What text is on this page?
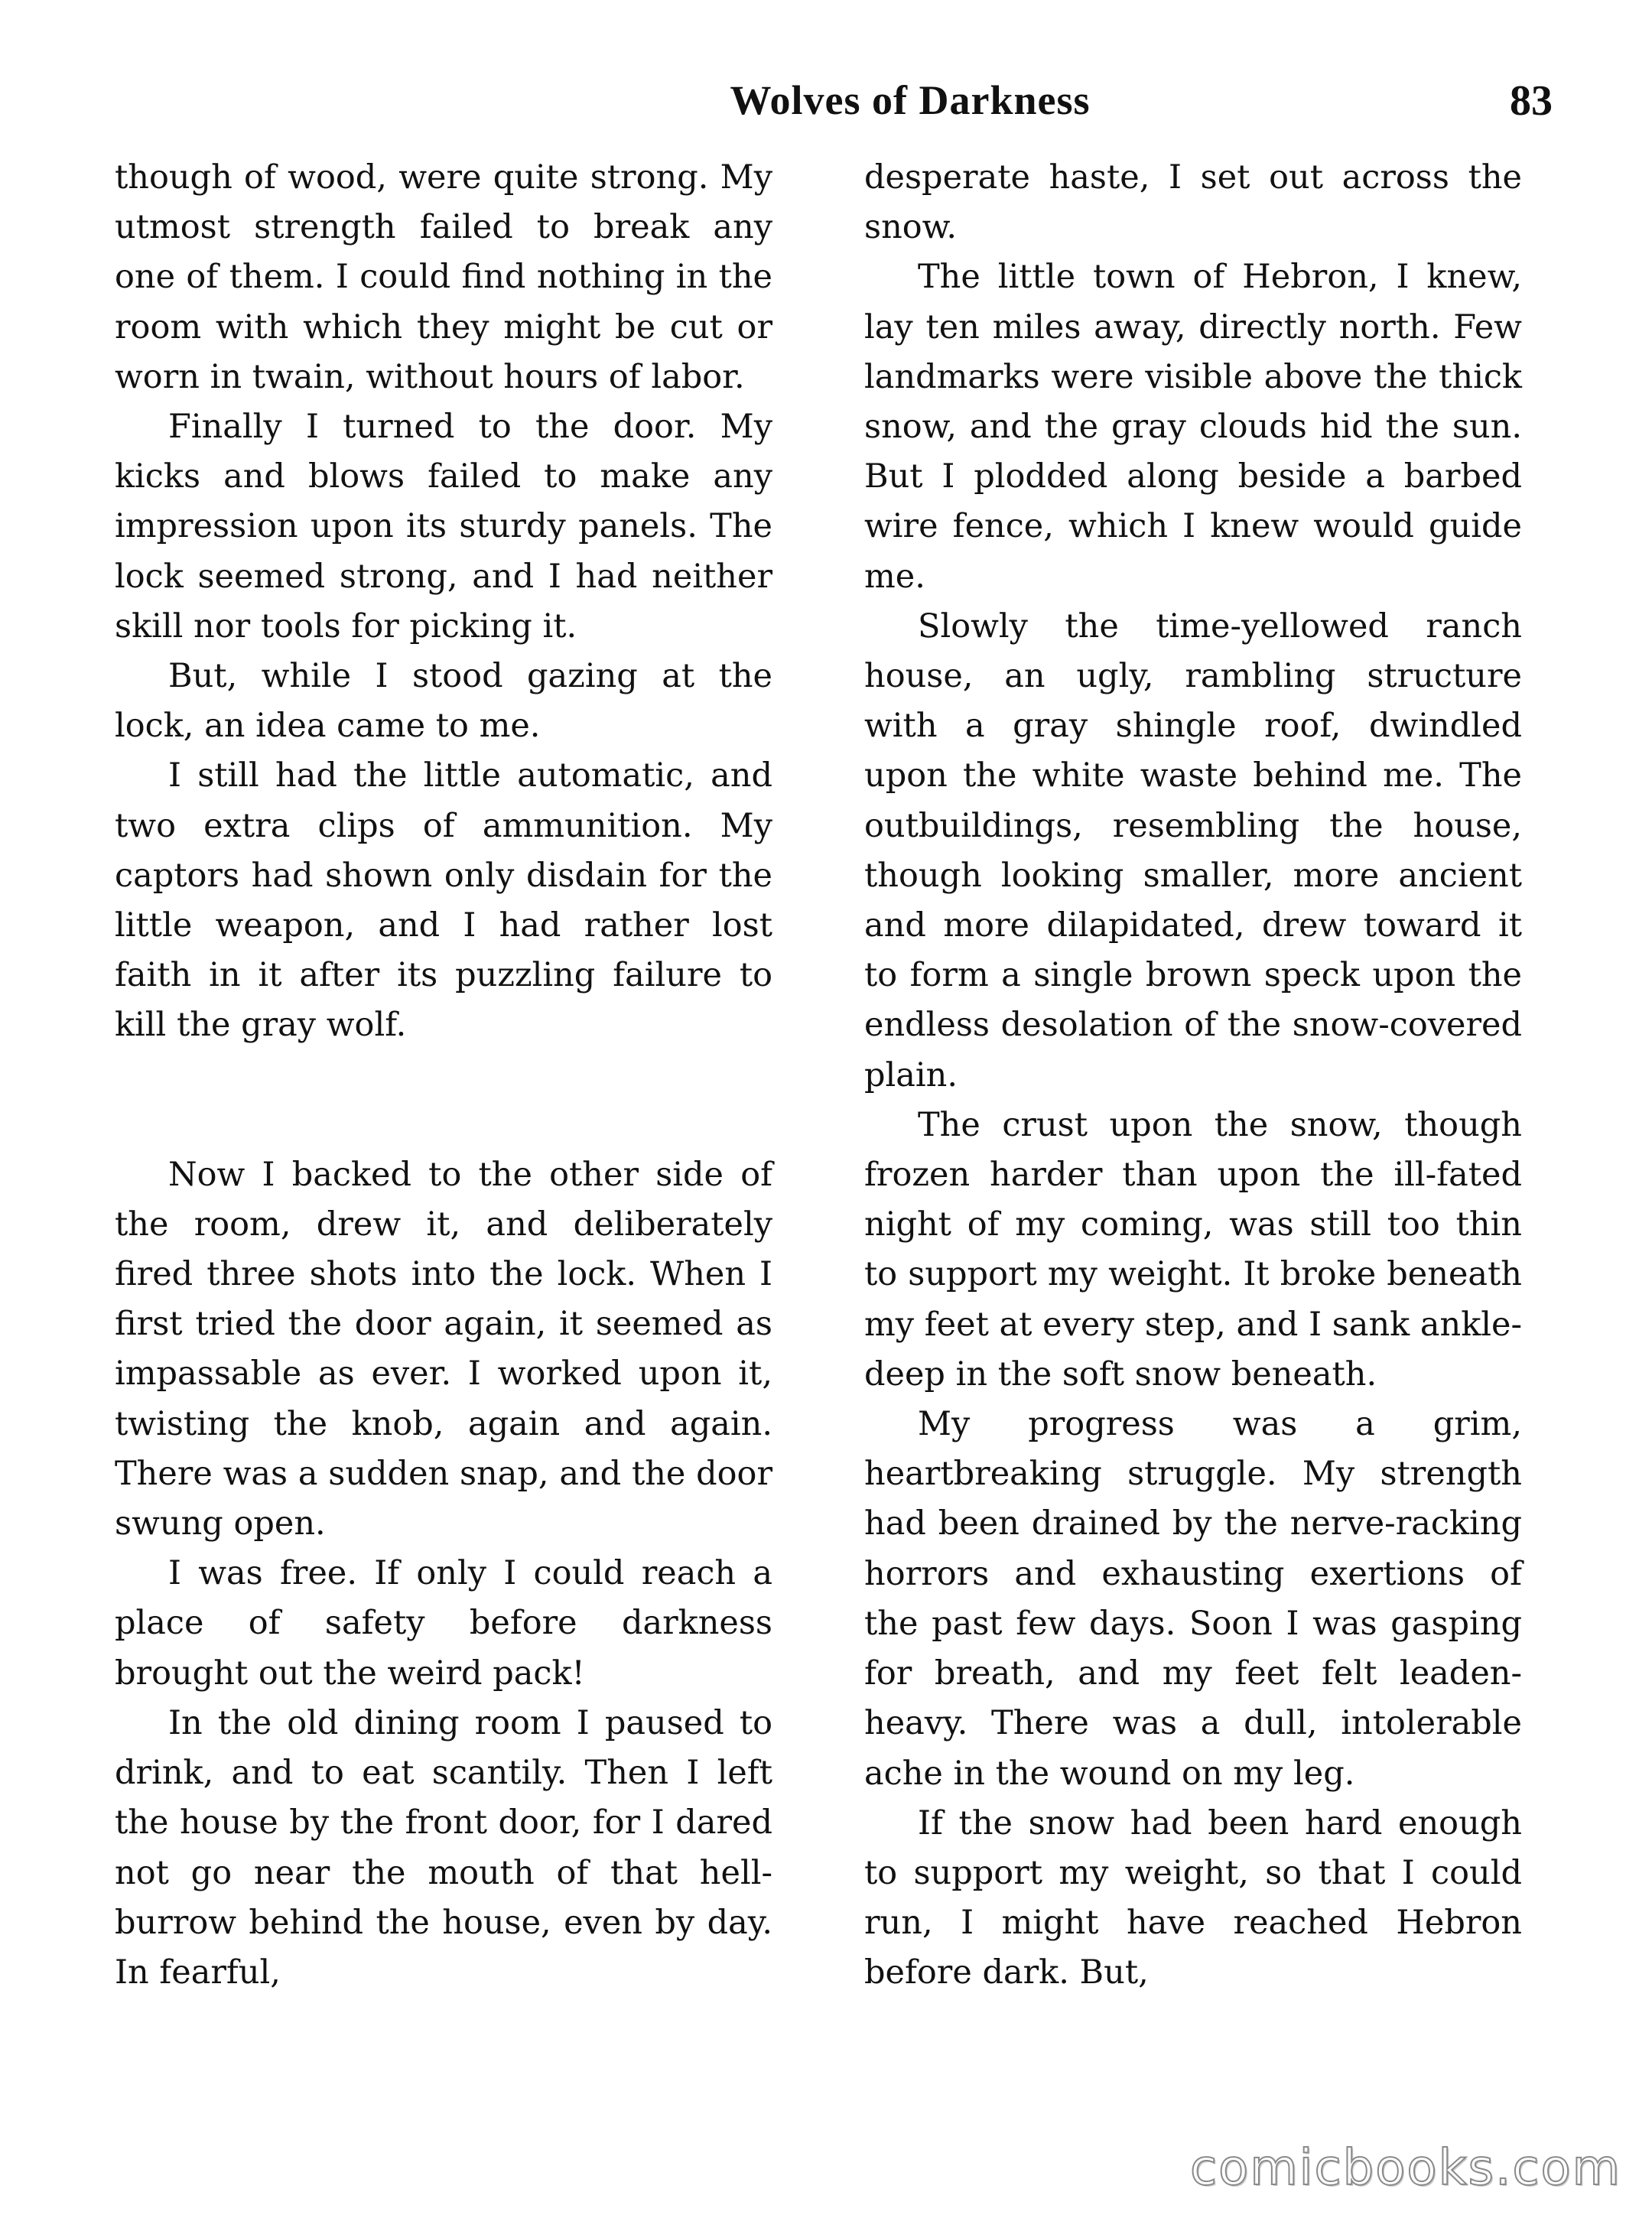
Wolves of Darkness	83

though of wood, were quite strong. My utmost strength failed to break any one of them. I could find nothing in the room with which they might be cut or worn in twain, without hours of labor.

Finally I turned to the door. My kicks and blows failed to make any impression upon its sturdy panels. The lock seemed strong, and I had neither skill nor tools for picking it.

But, while I stood gazing at the lock, an idea came to me.

I still had the little automatic, and two extra clips of ammunition. My captors had shown only disdain for the little weapon, and I had rather lost faith in it after its puzzling failure to kill the gray wolf.

Now I backed to the other side of the room, drew it, and deliberately fired three shots into the lock. When I first tried the door again, it seemed as impassable as ever. I worked upon it, twisting the knob, again and again. There was a sudden snap, and the door swung open.

I was free. If only I could reach a place of safety before darkness brought out the weird pack!

In the old dining room I paused to drink, and to eat scantily. Then I left the house by the front door, for I dared not go near the mouth of that hell-burrow behind the house, even by day. In fearful,

desperate haste, I set out across the snow.

The little town of Hebron, I knew, lay ten miles away, directly north. Few landmarks were visible above the thick snow, and the gray clouds hid the sun. But I plodded along beside a barbed wire fence, which I knew would guide me.

Slowly the time-yellowed ranch house, an ugly, rambling structure with a gray shingle roof, dwindled upon the white waste behind me. The outbuildings, resembling the house, though looking smaller, more ancient and more dilapidated, drew toward it to form a single brown speck upon the endless desolation of the snow-covered plain.

The crust upon the snow, though frozen harder than upon the ill-fated night of my coming, was still too thin to support my weight. It broke beneath my feet at every step, and I sank ankle-deep in the soft snow beneath.

My progress was a grim, heartbreaking struggle. My strength had been drained by the nerve-racking horrors and exhausting exertions of the past few days. Soon I was gasping for breath, and my feet felt leaden-heavy. There was a dull, intolerable ache in the wound on my leg.

If the snow had been hard enough to support my weight, so that I could run, I might have reached Hebron before dark. But,

comicbooks.com
